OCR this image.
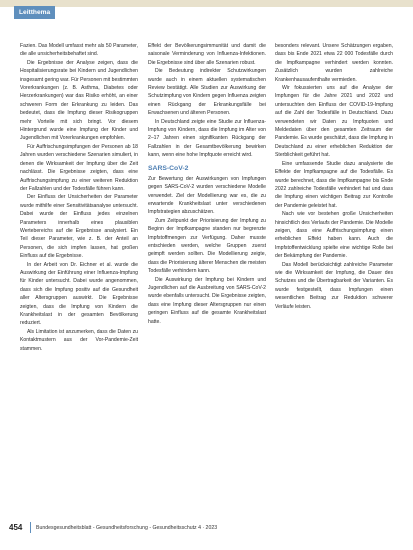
Leitthema

Fazien. Das Modell umfasst mehr als 50 Parameter, die alle unsicherheitsbehaftet sind.

Die Ergebnisse der Analyse zeigen, dass die Hospitalisierungsrate bei Kindern und Jugendlichen insgesamt gering war. Für Personen mit bestimmten Vorerkrankungen (z. B. Asthma, Diabetes oder Herzerkrankungen) war das Risiko erhöht, an einer schweren Form der Erkrankung zu leiden. Das bedeutet, dass die Impfung dieser Risikogruppen mehr Vorteile mit sich bringt. Vor diesem Hintergrund wurde eine Impfung der Kinder und Jugendlichen mit Vorerkrankungen empfohlen.

Für Auffrischungsimpfungen der Personen ab 18 Jahren wurden verschiedene Szenarien simuliert, in denen die Wirksamkeit der Impfung über die Zeit nachlässt. Die Ergebnisse zeigten, dass eine Auffrischungsimpfung zu einer weiteren Reduktion der Fallzahlen und der Todesfälle führen kann.

Der Einfluss der Unsicherheiten der Parameter wurde mithilfe einer Sensitivitätsanalyse untersucht. Dabei wurde der Einfluss jedes einzelnen Parameters innerhalb eines plausiblen Wertebereichs auf die Ergebnisse analysiert. Ein Teil dieser Parameter, wie z. B. der Anteil an Personen, die sich impfen lassen, hat großen Einfluss auf die Ergebnisse.

In der Arbeit von Dr. Eichner et al. wurde die Auswirkung der Einführung einer Influenza-Impfung für Kinder untersucht. Dabei wurde angenommen, dass sich die Impfung positiv auf die Gesundheit aller Altersgruppen auswirkt. Die Ergebnisse zeigten, dass die Impfung von Kindern die Krankheitslast in der gesamten Bevölkerung reduziert.

Als Limitation ist anzumerken, dass die Daten zu Kontaktmustern aus der Vor-Pandemie-Zeit stammen.

Effekt der Bevölkerungsimmunität und damit die saisonale Verminderung von Influenza-Infektionen. Die Ergebnisse sind über alle Szenarien robust.

Die Bedeutung indirekter Schutzwirkungen wurde auch in einem aktuellen systematischen Review bestätigt. Alle Studien zur Auswirkung der Schutzimpfung von Kindern gegen Influenza zeigten einen Rückgang der Erkrankungsfälle bei Erwachsenen und älteren Personen.

In Deutschland zeigte eine Studie zur Influenza-Impfung von Kindern, dass die Impfung im Alter von 2–17 Jahren einen signifikanten Rückgang der Fallzahlen in der Gesamtbevölkerung bewirken kann, wenn eine hohe Impfquote erreicht wird.

SARS-CoV-2

Zur Bewertung der Auswirkungen von Impfungen gegen SARS-CoV-2 wurden verschiedene Modelle verwendet. Ziel der Modellierung war es, die zu erwartende Krankheitslast unter verschiedenen Impfstrategien abzuschätzen.

Zum Zeitpunkt der Priorisierung der Impfung zu Beginn der Impfkampagne standen nur begrenzte Impfstoffmengen zur Verfügung. Daher musste entschieden werden, welche Gruppen zuerst geimpft werden sollten. Die Modellierung zeigte, dass die Priorisierung älterer Menschen die meisten Todesfälle verhindern kann.

Die Auswirkung der Impfung bei Kindern und Jugendlichen auf die Ausbreitung von SARS-CoV-2 wurde ebenfalls untersucht. Die Ergebnisse zeigten, dass eine Impfung dieser Altersgruppen nur einen geringen Einfluss auf die gesamte Krankheitslast hatte.

besonders relevant. Unsere Schätzungen ergaben, dass bis Ende 2021 etwa 22 000 Todesfälle durch die Impfkampagne verhindert werden konnten. Zusätzlich wurden zahlreiche Krankenhausaufenthalte vermieden.

Wir fokussierten uns auf die Analyse der Impfungen für die Jahre 2021 und 2022 und untersuchten den Einfluss der COVID-19-Impfung auf die Zahl der Todesfälle in Deutschland. Dazu verwendeten wir Daten zu Impfquoten und Meldedaten über den gesamten Zeitraum der Pandemie. Es wurde geschätzt, dass die Impfung in Deutschland zu einer erheblichen Reduktion der Sterblichkeit geführt hat.

Eine umfassende Studie dazu analysierte die Effekte der Impfkampagne auf die Todesfälle. Es wurde berechnet, dass die Impfkampagne bis Ende 2022 zahlreiche Todesfälle verhindert hat und dass die Impfung einen wichtigen Beitrag zur Kontrolle der Pandemie geleistet hat.

Nach wie vor bestehen große Unsicherheiten hinsichtlich des Verlaufs der Pandemie. Die Modelle zeigen, dass eine Auffrischungsimpfung einen erheblichen Effekt haben kann. Auch die Impfstoffentwicklung spielte eine wichtige Rolle bei der Bekämpfung der Pandemie.

Das Modell berücksichtigt zahlreiche Parameter wie die Wirksamkeit der Impfung, die Dauer des Schutzes und die Übertragbarkeit der Varianten. Es wurde festgestellt, dass Impfungen einen wesentlichen Beitrag zur Reduktion schwerer Verläufe leisten.

454	Bundesgesundheitsblatt - Gesundheitsforschung - Gesundheitsschutz 4 · 2023
